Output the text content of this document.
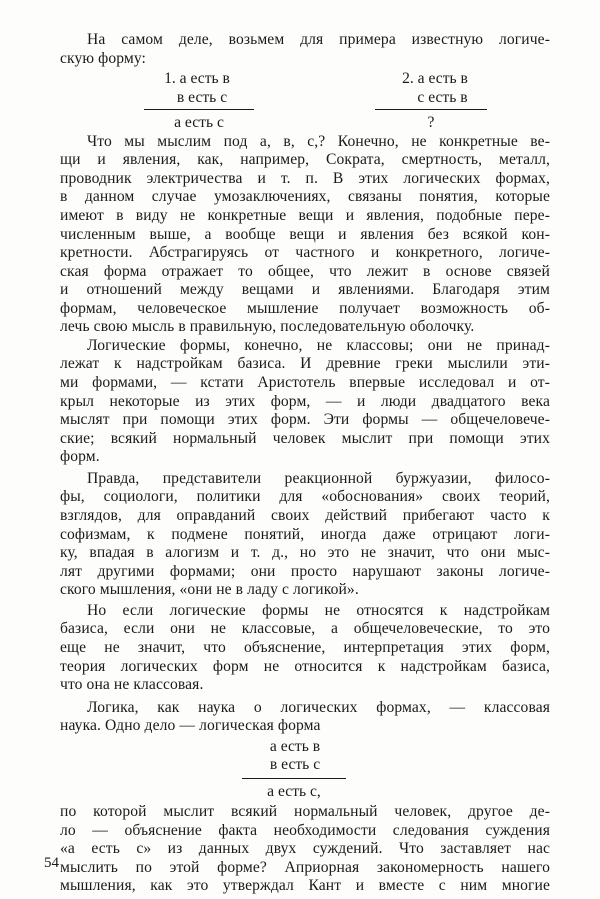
На самом деле, возьмем для примера известную логиче-
скую форму:
1. а есть в
в есть с
а есть с
2. а есть в
с есть в
?
Что мы мыслим под а, в, с,? Конечно, не конкретные ве-
щи и явления, как, например, Сократа, смертность, металл,
проводник электричества и т. п. В этих логических формах,
в данном случае умозаключениях, связаны понятия, которые
имеют в виду не конкретные вещи и явления, подобные пере-
численным выше, а вообще вещи и явления без всякой кон-
кретности. Абстрагируясь от частного и конкретного, логиче-
ская форма отражает то общее, что лежит в основе связей
и отношений между вещами и явлениями. Благодаря этим
формам, человеческое мышление получает возможность об-
лечь свою мысль в правильную, последовательную оболочку.
Логические формы, конечно, не классовы; они не принад-
лежат к надстройкам базиса. И древние греки мыслили эти-
ми формами, — кстати Аристотель впервые исследовал и от-
крыл некоторые из этих форм, — и люди двадцатого века
мыслят при помощи этих форм. Эти формы — общечеловече-
ские; всякий нормальный человек мыслит при помощи этих
форм.
Правда, представители реакционной буржуазии, филосо-
фы, социологи, политики для «обоснования» своих теорий,
взглядов, для оправданий своих действий прибегают часто к
софизмам, к подмене понятий, иногда даже отрицают логи-
ку, впадая в алогизм и т. д., но это не значит, что они мыс-
лят другими формами; они просто нарушают законы логиче-
ского мышления, «они не в ладу с логикой».
Но если логические формы не относятся к надстройкам
базиса, если они не классовые, а общечеловеческие, то это
еще не значит, что объяснение, интерпретация этих форм,
теория логических форм не относится к надстройкам базиса,
что она не классовая.
Логика, как наука о логических формах, — классовая
наука. Одно дело — логическая форма
а есть в
в есть с
а есть с,
по которой мыслит всякий нормальный человек, другое де-
ло — объяснение факта необходимости следования суждения
«а есть с» из данных двух суждений. Что заставляет нас
мыслить по этой форме? Априорная закономерность нашего
мышления, как это утверждал Кант и вместе с ним многие
54
